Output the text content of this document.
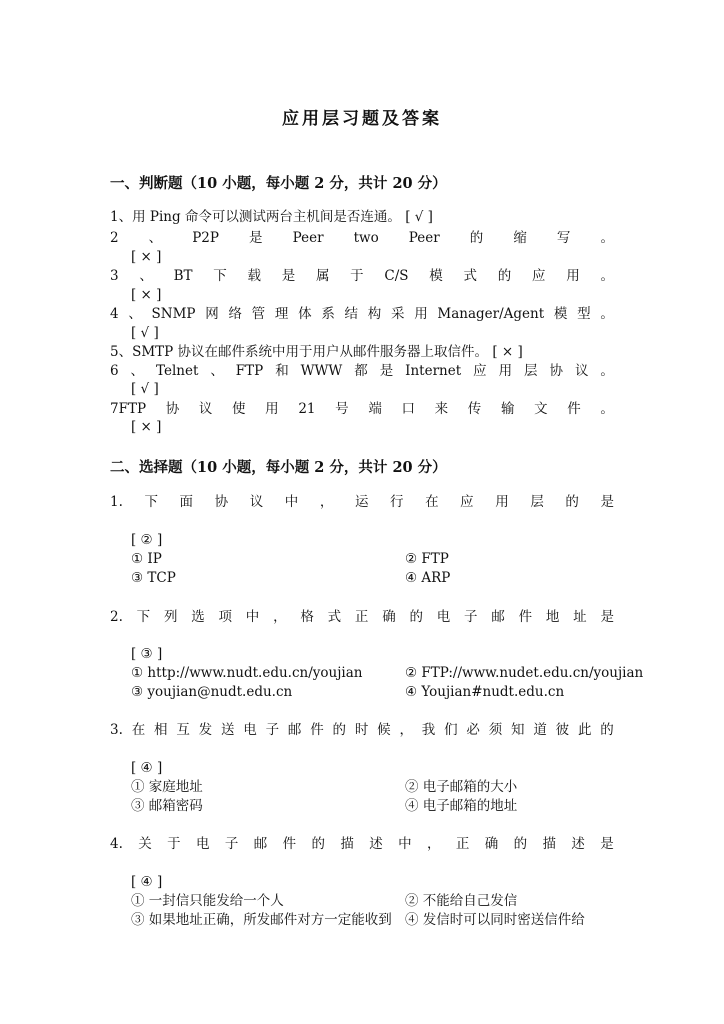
应用层习题及答案
一、判断题（10 小题，每小题 2 分，共计 20 分）
1、用 Ping 命令可以测试两台主机间是否连通。 [ √ ]
2 、 P2P 是 Peer two Peer 的 缩 写 。
[ × ]
3 、 BT 下 载 是 属 于 C/S 模 式 的 应 用 。
[ × ]
4 、 SNMP 网 络 管 理 体 系 结 构 采 用 Manager/Agent 模 型 。
[ √ ]
5、SMTP 协议在邮件系统中用于用户从邮件服务器上取信件。 [ × ]
6 、 Telnet 、 FTP 和 WWW 都 是 Internet 应 用 层 协 议 。
[ √ ]
7FTP 协 议 使 用 21 号 端 口 来 传 输 文 件 。
[ × ]
二、选择题（10 小题，每小题 2 分，共计 20 分）
1. 下 面 协 议 中 ， 运 行 在 应 用 层 的 是
[ ② ]
① IP	② FTP
③ TCP	④ ARP
2. 下 列 选 项 中 ， 格 式 正 确 的 电 子 邮 件 地 址 是
[ ③ ]
① http://www.nudt.edu.cn/youjian	② FTP://www.nudet.edu.cn/youjian
③ youjian@nudt.edu.cn	④ Youjian#nudt.edu.cn
3. 在 相 互 发 送 电 子 邮 件 的 时 候 ， 我 们 必 须 知 道 彼 此 的
[ ④ ]
① 家庭地址	② 电子邮箱的大小
③ 邮箱密码	④ 电子邮箱的地址
4. 关 于 电 子 邮 件 的 描 述 中 ， 正 确 的 描 述 是
[ ④ ]
① 一封信只能发给一个人	② 不能给自己发信
③ 如果地址正确，所发邮件对方一定能收到 ④ 发信时可以同时密送信件给
